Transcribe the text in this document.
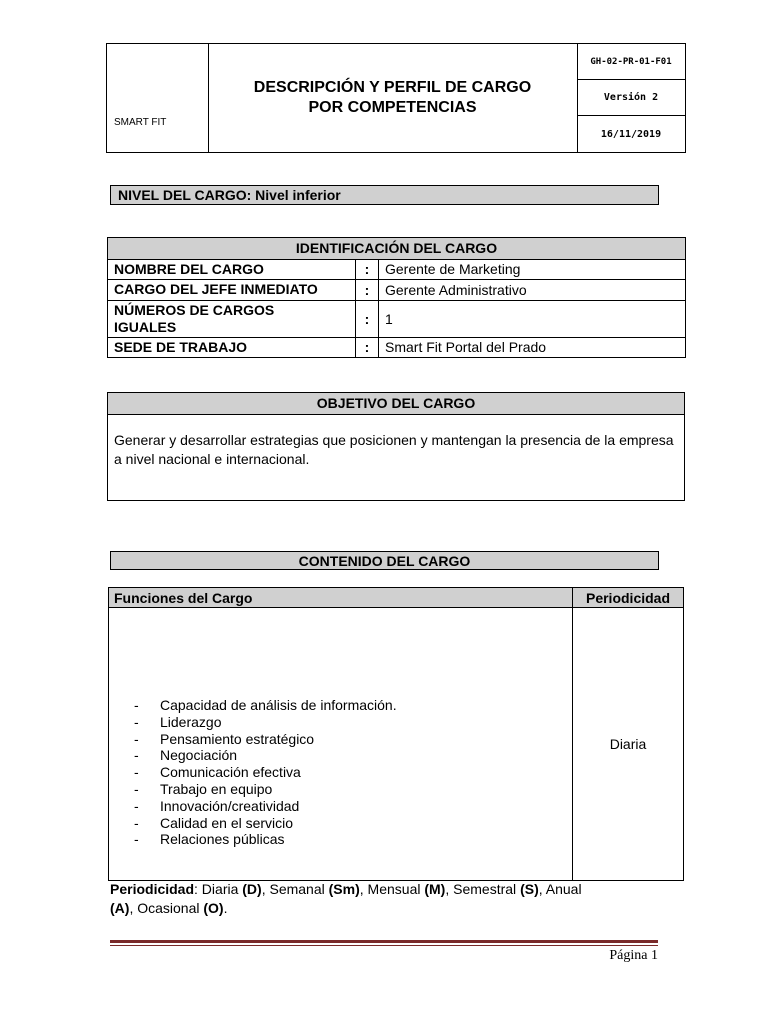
SMART FIT
DESCRIPCIÓN Y PERFIL DE CARGO
POR COMPETENCIAS
GH-02-PR-01-F01
Versión 2
16/11/2019
NIVEL DEL CARGO: Nivel inferior
IDENTIFICACIÓN DEL CARGO
NOMBRE DEL CARGO	:	Gerente de Marketing
CARGO DEL JEFE INMEDIATO	:	Gerente Administrativo
NÚMEROS DE CARGOS
IGUALES	:	1
SEDE DE TRABAJO	:	Smart Fit Portal del Prado
OBJETIVO DEL CARGO
Generar y desarrollar estrategias que posicionen y mantengan la presencia de la empresa a nivel nacional e internacional.
CONTENIDO DEL CARGO
Funciones del Cargo	Periodicidad
- Capacidad de análisis de información.
- Liderazgo
- Pensamiento estratégico
- Negociación
- Comunicación efectiva
- Trabajo en equipo
- Innovación/creatividad
- Calidad en el servicio
- Relaciones públicas
Diaria
Periodicidad: Diaria (D), Semanal (Sm), Mensual (M), Semestral (S), Anual
(A), Ocasional (O).
Página 1
